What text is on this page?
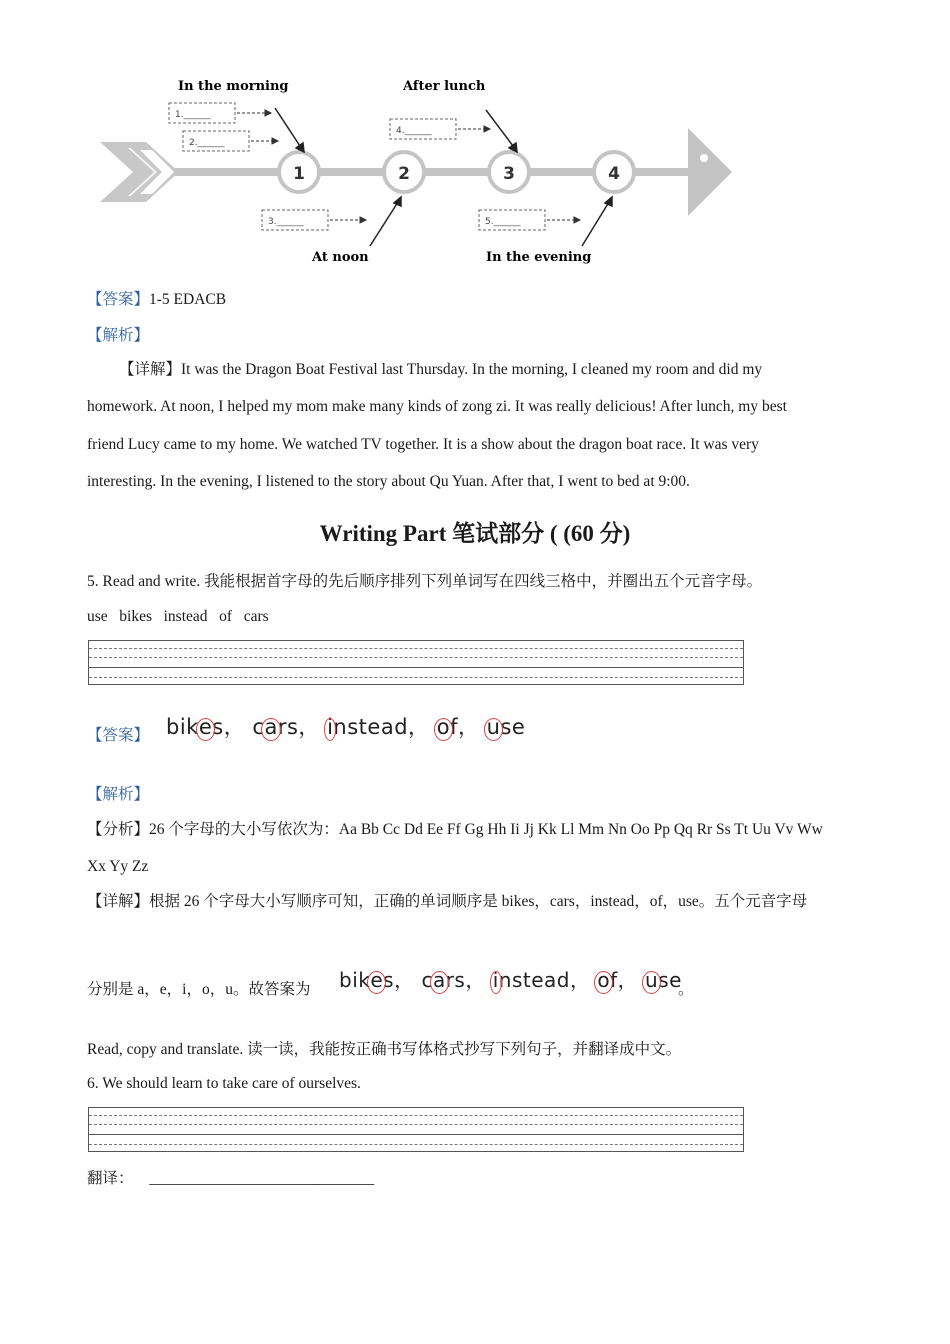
1	2	3	4
In the morning	After lunch
At noon	In the evening
1.______
2.______
3.______
4.______
5.______
【答案】1-5 EDACB
【解析】
【详解】It was the Dragon Boat Festival last Thursday. In the morning, I cleaned my room and did my
homework. At noon, I helped my mom make many kinds of zong zi. It was really delicious! After lunch, my best
friend Lucy came to my home. We watched TV together. It is a show about the dragon boat race. It was very
interesting. In the evening, I listened to the story about Qu Yuan. After that, I went to bed at 9:00.
Writing Part 笔试部分 ( (60 分)
5. Read and write. 我能根据首字母的先后顺序排列下列单词写在四线三格中，并圈出五个元音字母。
use   bikes   instead   of   cars
【答案】 bikes， cars， instead， of， use
【解析】
【分析】26 个字母的大小写依次为：Aa Bb Cc Dd Ee Ff Gg Hh Ii Jj Kk Ll Mm Nn Oo Pp Qq Rr Ss Tt Uu Vv Ww
Xx Yy Zz
【详解】根据 26 个字母大小写顺序可知，正确的单词顺序是 bikes，cars，instead，of，use。五个元音字母
分别是 a，e，i，o，u。故答案为 bikes， cars， instead， of， use
。
Read, copy and translate. 读一读，我能按正确书写体格式抄写下列句子，并翻译成中文。
6. We should learn to take care of ourselves.
翻译： _____________________________
